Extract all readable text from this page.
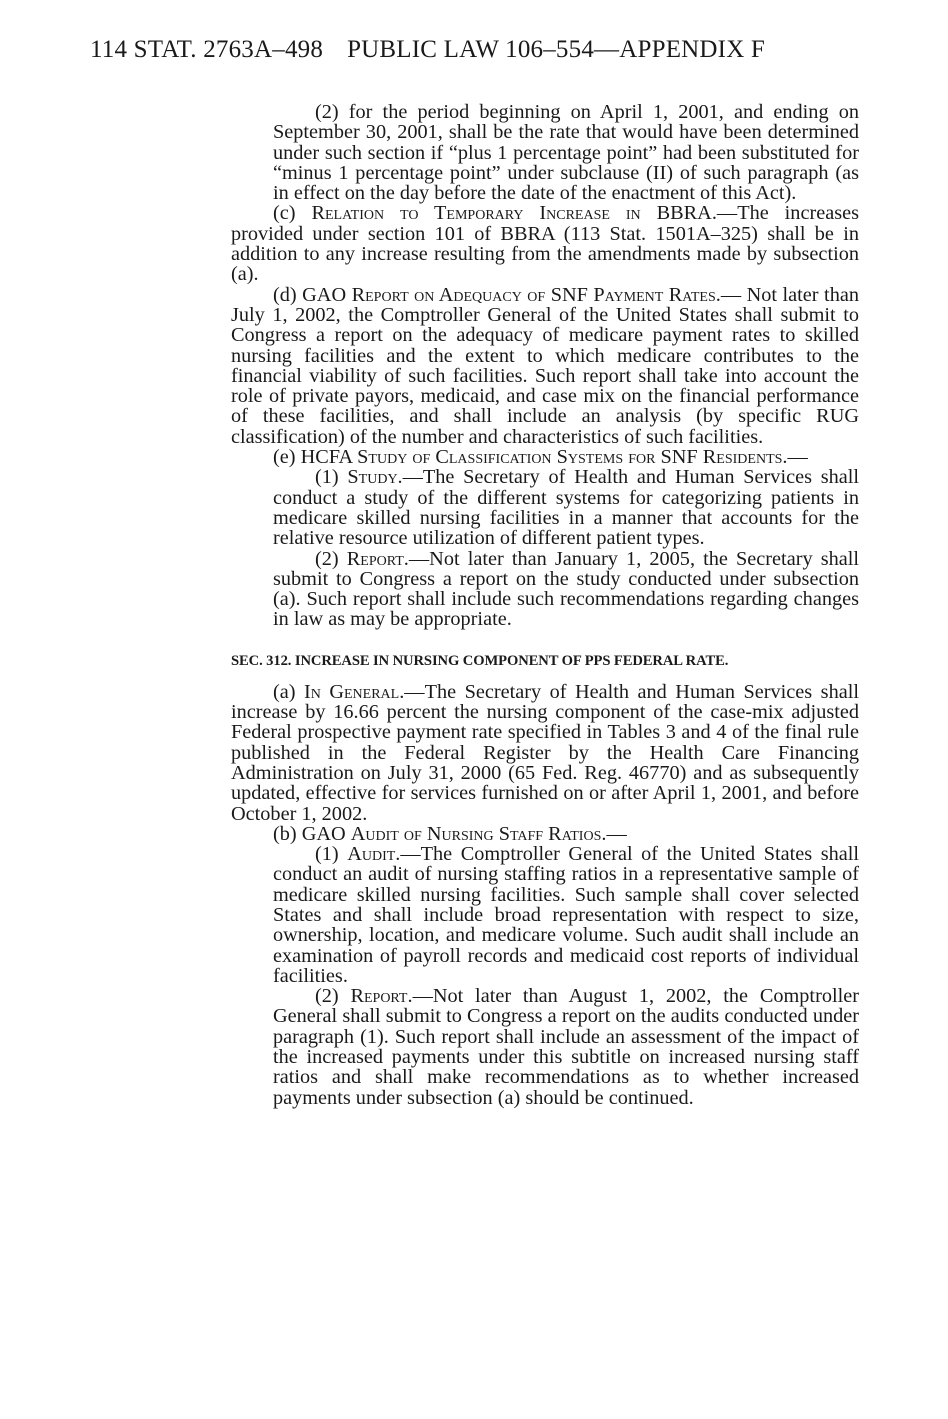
114 STAT. 2763A–498 PUBLIC LAW 106–554—APPENDIX F

(2) for the period beginning on April 1, 2001, and ending on September 30, 2001, shall be the rate that would have been determined under such section if “plus 1 percentage point” had been substituted for “minus 1 percentage point” under subclause (II) of such paragraph (as in effect on the day before the date of the enactment of this Act).

(c) Relation to Temporary Increase in BBRA.—The increases provided under section 101 of BBRA (113 Stat. 1501A–325) shall be in addition to any increase resulting from the amendments made by subsection (a).

(d) GAO Report on Adequacy of SNF Payment Rates.— Not later than July 1, 2002, the Comptroller General of the United States shall submit to Congress a report on the adequacy of medicare payment rates to skilled nursing facilities and the extent to which medicare contributes to the financial viability of such facilities. Such report shall take into account the role of private payors, medicaid, and case mix on the financial performance of these facilities, and shall include an analysis (by specific RUG classification) of the number and characteristics of such facilities.

(e) HCFA Study of Classification Systems for SNF Residents.—

(1) Study.—The Secretary of Health and Human Services shall conduct a study of the different systems for categorizing patients in medicare skilled nursing facilities in a manner that accounts for the relative resource utilization of different patient types.

(2) Report.—Not later than January 1, 2005, the Secretary shall submit to Congress a report on the study conducted under subsection (a). Such report shall include such recommendations regarding changes in law as may be appropriate.

SEC. 312. INCREASE IN NURSING COMPONENT OF PPS FEDERAL RATE.

(a) In General.—The Secretary of Health and Human Services shall increase by 16.66 percent the nursing component of the case-mix adjusted Federal prospective payment rate specified in Tables 3 and 4 of the final rule published in the Federal Register by the Health Care Financing Administration on July 31, 2000 (65 Fed. Reg. 46770) and as subsequently updated, effective for services furnished on or after April 1, 2001, and before October 1, 2002.

(b) GAO Audit of Nursing Staff Ratios.—

(1) Audit.—The Comptroller General of the United States shall conduct an audit of nursing staffing ratios in a representative sample of medicare skilled nursing facilities. Such sample shall cover selected States and shall include broad representation with respect to size, ownership, location, and medicare volume. Such audit shall include an examination of payroll records and medicaid cost reports of individual facilities.

(2) Report.—Not later than August 1, 2002, the Comptroller General shall submit to Congress a report on the audits conducted under paragraph (1). Such report shall include an assessment of the impact of the increased payments under this subtitle on increased nursing staff ratios and shall make recommendations as to whether increased payments under subsection (a) should be continued.
